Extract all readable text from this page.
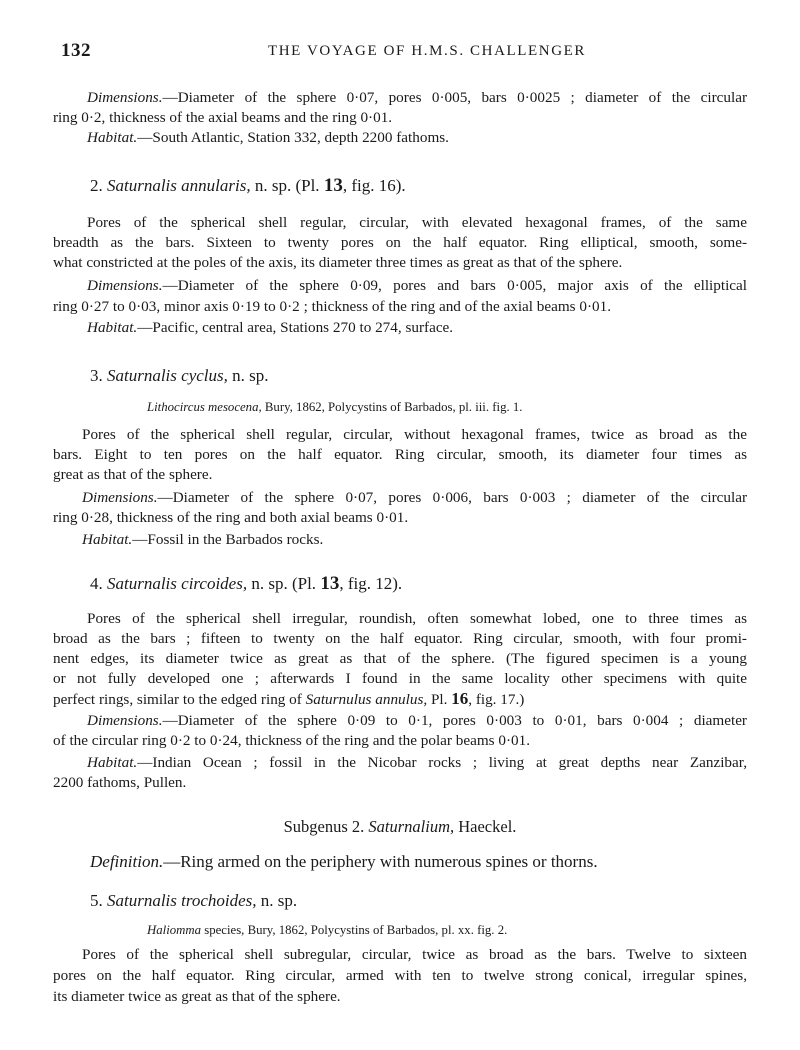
132	THE VOYAGE OF H.M.S. CHALLENGER
Dimensions.—Diameter of the sphere 0·07, pores 0·005, bars 0·0025 ; diameter of the circular
ring 0·2, thickness of the axial beams and the ring 0·01.
Habitat.—South Atlantic, Station 332, depth 2200 fathoms.
2. Saturnalis annularis, n. sp. (Pl. 13, fig. 16).
Pores of the spherical shell regular, circular, with elevated hexagonal frames, of the same
breadth as the bars. Sixteen to twenty pores on the half equator. Ring elliptical, smooth, some-
what constricted at the poles of the axis, its diameter three times as great as that of the sphere.
Dimensions.—Diameter of the sphere 0·09, pores and bars 0·005, major axis of the elliptical
ring 0·27 to 0·03, minor axis 0·19 to 0·2 ; thickness of the ring and of the axial beams 0·01.
Habitat.—Pacific, central area, Stations 270 to 274, surface.
3. Saturnalis cyclus, n. sp.
Lithocircus mesocena, Bury, 1862, Polycystins of Barbados, pl. iii. fig. 1.
Pores of the spherical shell regular, circular, without hexagonal frames, twice as broad as the
bars. Eight to ten pores on the half equator. Ring circular, smooth, its diameter four times as
great as that of the sphere.
Dimensions.—Diameter of the sphere 0·07, pores 0·006, bars 0·003 ; diameter of the circular
ring 0·28, thickness of the ring and both axial beams 0·01.
Habitat.—Fossil in the Barbados rocks.
4. Saturnalis circoides, n. sp. (Pl. 13, fig. 12).
Pores of the spherical shell irregular, roundish, often somewhat lobed, one to three times as
broad as the bars ; fifteen to twenty on the half equator. Ring circular, smooth, with four promi-
nent edges, its diameter twice as great as that of the sphere. (The figured specimen is a young
or not fully developed one ; afterwards I found in the same locality other specimens with quite
perfect rings, similar to the edged ring of Saturnulus annulus, Pl. 16, fig. 17.)
Dimensions.—Diameter of the sphere 0·09 to 0·1, pores 0·003 to 0·01, bars 0·004 ; diameter
of the circular ring 0·2 to 0·24, thickness of the ring and the polar beams 0·01.
Habitat.—Indian Ocean ; fossil in the Nicobar rocks ; living at great depths near Zanzibar,
2200 fathoms, Pullen.
Subgenus 2. Saturnalium, Haeckel.
Definition.—Ring armed on the periphery with numerous spines or thorns.
5. Saturnalis trochoides, n. sp.
Haliomma species, Bury, 1862, Polycystins of Barbados, pl. xx. fig. 2.
Pores of the spherical shell subregular, circular, twice as broad as the bars. Twelve to sixteen
pores on the half equator. Ring circular, armed with ten to twelve strong conical, irregular spines,
its diameter twice as great as that of the sphere.
